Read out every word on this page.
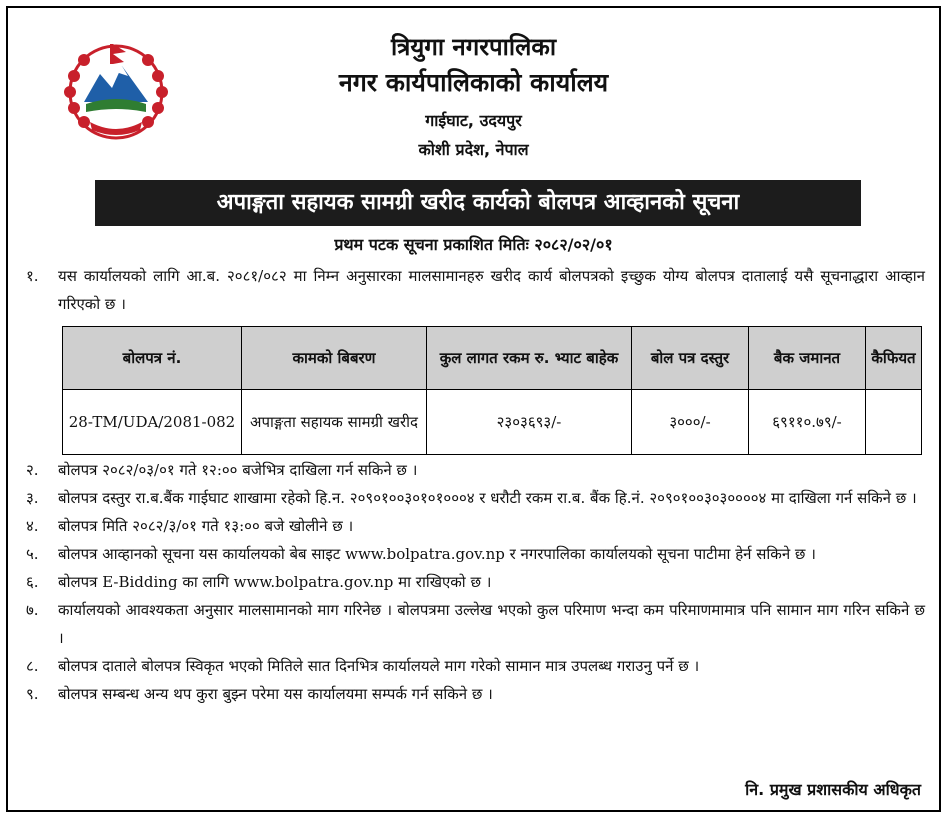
त्रियुगा नगरपालिका
नगर कार्यपालिकाको कार्यालय
गाईघाट, उदयपुर
कोशी प्रदेश, नेपाल
अपाङ्गता सहायक सामग्री खरीद कार्यको बोलपत्र आव्हानको सूचना
प्रथम पटक सूचना प्रकाशित मितिः २०८२/०२/०१
१.	यस कार्यालयको लागि आ.ब. २०८१/०८२ मा निम्न अनुसारका मालसामानहरु खरीद कार्य बोलपत्रको इच्छुक योग्य बोलपत्र दातालाई यसै सूचनाद्धारा आव्हान गरिएको छ ।
बोलपत्र नं.	कामको बिबरण	कुल लागत रकम रु. भ्याट बाहेक	बोल पत्र दस्तुर	बैक जमानत	कैफियत
28-TM/UDA/2081-082	अपाङ्गता सहायक सामग्री खरीद	२३०३६९३/-	३०००/-	६९११०.७९/-	
२.	बोलपत्र २०८२/०३/०१ गते १२:०० बजेभित्र दाखिला गर्न सकिने छ ।
३.	बोलपत्र दस्तुर रा.ब.बैंक गाईघाट शाखामा रहेको हि.न. २०९०१००३०१०१०००४ र धरौटी रकम रा.ब. बैंक हि.नं. २०९०१००३०३००००४ मा दाखिला गर्न सकिने छ ।
४.	बोलपत्र मिति २०८२/३/०१ गते १३:०० बजे खोलीने छ ।
५.	बोलपत्र आव्हानको सूचना यस कार्यालयको बेब साइट www.bolpatra.gov.np र नगरपालिका कार्यालयको सूचना पाटीमा हेर्न सकिने छ ।
६.	बोलपत्र E-Bidding का लागि www.bolpatra.gov.np मा राखिएको छ ।
७.	कार्यालयको आवश्यकता अनुसार मालसामानको माग गरिनेछ । बोलपत्रमा उल्लेख भएको कुल परिमाण भन्दा कम परिमाणमामात्र पनि सामान माग गरिन सकिने छ ।
८.	बोलपत्र दाताले बोलपत्र स्विकृत भएको मितिले सात दिनभित्र कार्यालयले माग गरेको सामान मात्र उपलब्ध गराउनु पर्ने छ ।
९.	बोलपत्र सम्बन्ध अन्य थप कुरा बुझ्न परेमा यस कार्यालयमा सम्पर्क गर्न सकिने छ ।
नि. प्रमुख प्रशासकीय अधिकृत
